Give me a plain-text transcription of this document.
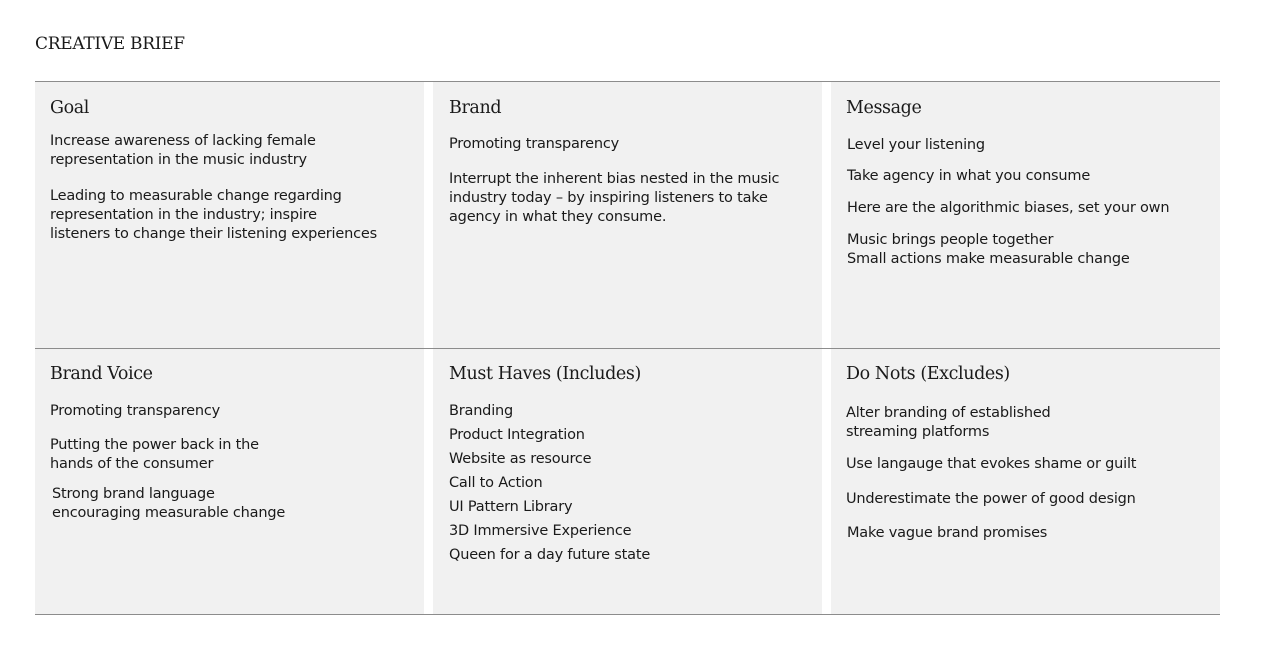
CREATIVE BRIEF
Goal
Increase awareness of lacking female
representation in the music industry
Leading to measurable change regarding
representation in the industry; inspire
listeners to change their listening experiences
Brand
Promoting transparency
Interrupt the inherent bias nested in the music
industry today – by inspiring listeners to take
agency in what they consume.
Message
Level your listening
Take agency in what you consume
Here are the algorithmic biases, set your own
Music brings people together
Small actions make measurable change
Brand Voice
Promoting transparency
Putting the power back in the
hands of the consumer
Strong brand language
encouraging measurable change
Must Haves (Includes)
Branding
Product Integration
Website as resource
Call to Action
UI Pattern Library
3D Immersive Experience
Queen for a day future state
Do Nots (Excludes)
Alter branding of established
streaming platforms
Use langauge that evokes shame or guilt
Underestimate the power of good design
Make vague brand promises
